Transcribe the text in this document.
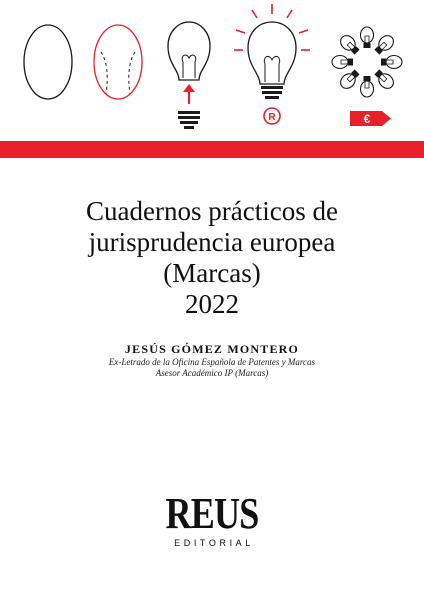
R	€
Cuadernos prácticos de
jurisprudencia europea
(Marcas)
2022
JESÚS GÓMEZ MONTERO
Ex-Letrado de la Oficina Española de Patentes y Marcas
Asesor Académico IP (Marcas)
REUS
EDITORIAL
